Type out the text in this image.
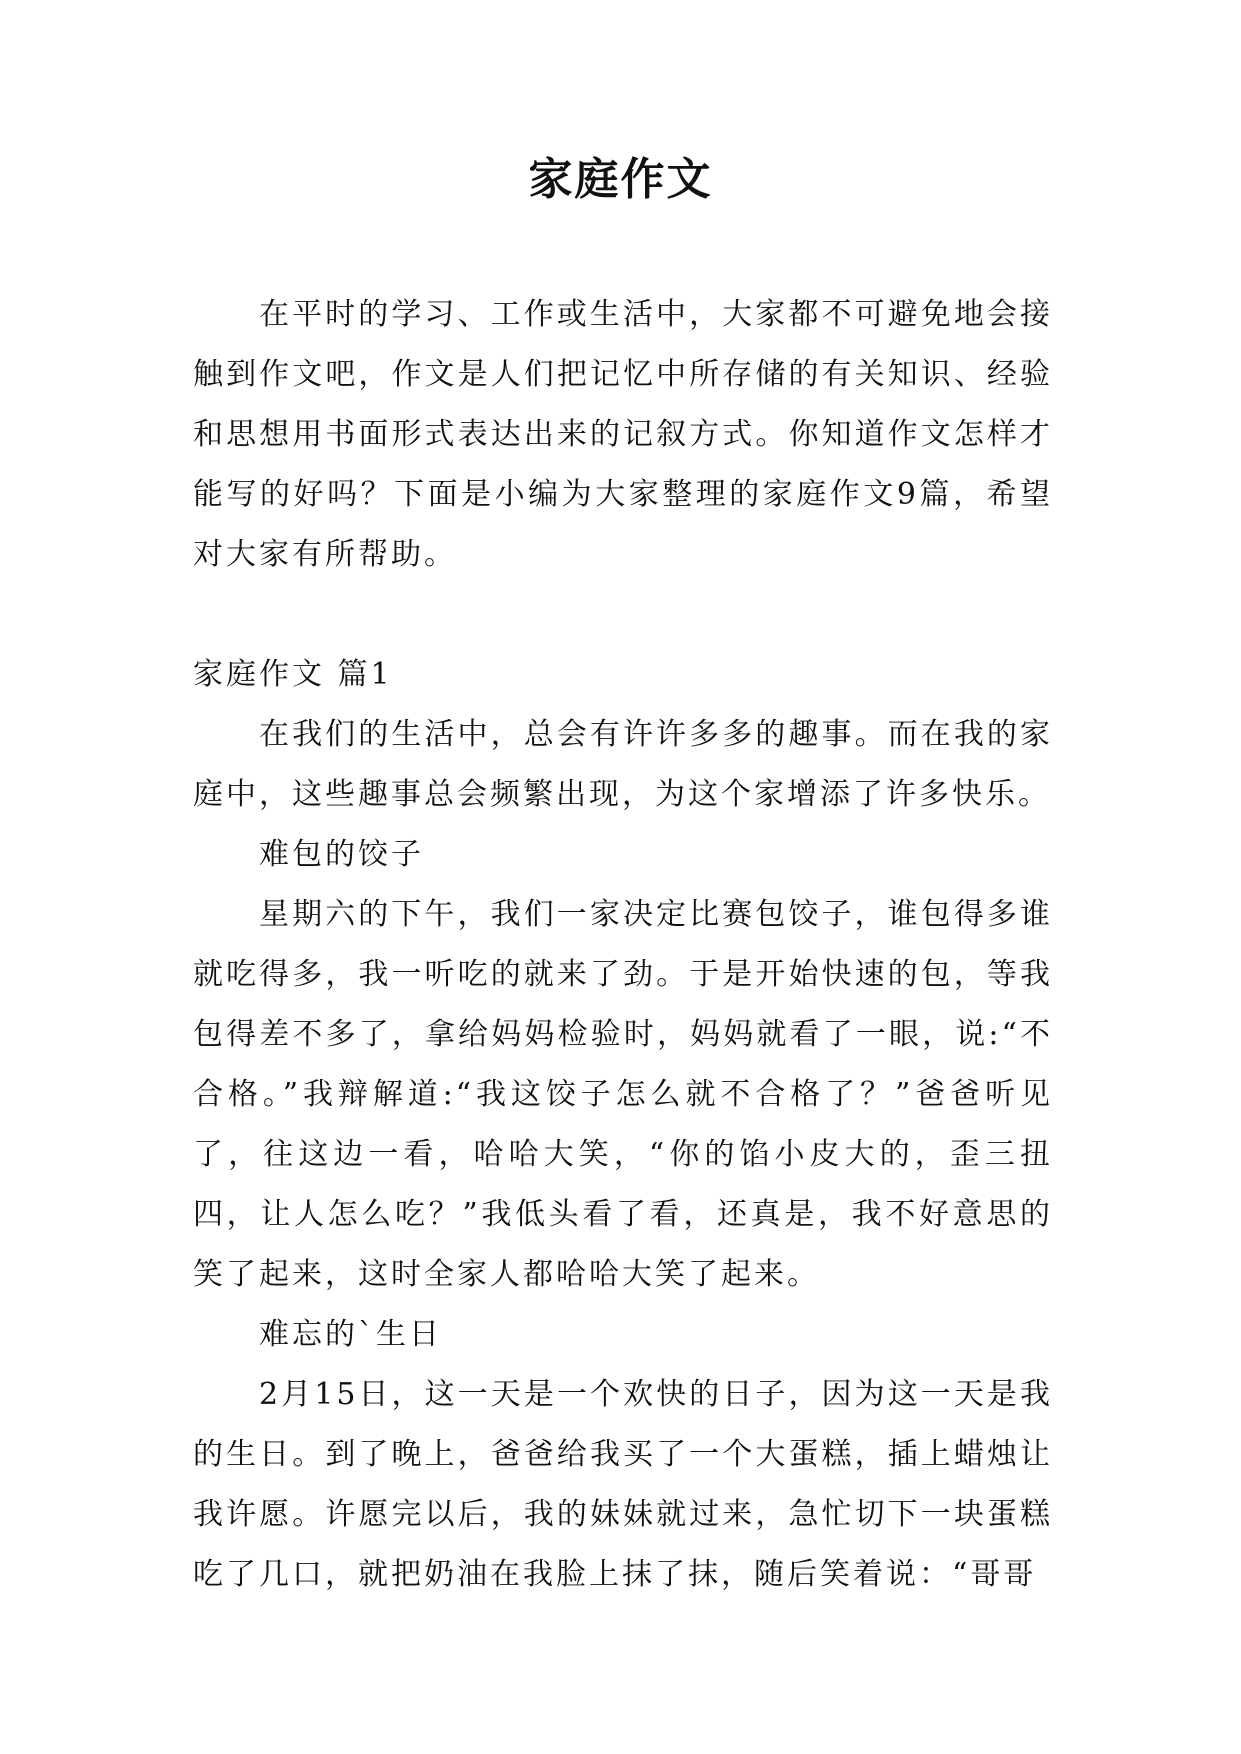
家庭作文

在平时的学习、工作或生活中，大家都不可避免地会接触到作文吧，作文是人们把记忆中所存储的有关知识、经验和思想用书面形式表达出来的记叙方式。你知道作文怎样才能写的好吗？下面是小编为大家整理的家庭作文9篇，希望对大家有所帮助。

家庭作文 篇1

在我们的生活中，总会有许许多多的趣事。而在我的家庭中，这些趣事总会频繁出现，为这个家增添了许多快乐。

难包的饺子

星期六的下午，我们一家决定比赛包饺子，谁包得多谁就吃得多，我一听吃的就来了劲。于是开始快速的包，等我包得差不多了，拿给妈妈检验时，妈妈就看了一眼，说:“不合格。”我辩解道:“我这饺子怎么就不合格了？”爸爸听见了，往这边一看，哈哈大笑，“你的馅小皮大的，歪三扭四，让人怎么吃？”我低头看了看，还真是，我不好意思的笑了起来，这时全家人都哈哈大笑了起来。

难忘的`生日

2月15日，这一天是一个欢快的日子，因为这一天是我的生日。到了晚上，爸爸给我买了一个大蛋糕，插上蜡烛让我许愿。许愿完以后，我的妹妹就过来，急忙切下一块蛋糕吃了几口，就把奶油在我脸上抹了抹，随后笑着说：“哥哥
